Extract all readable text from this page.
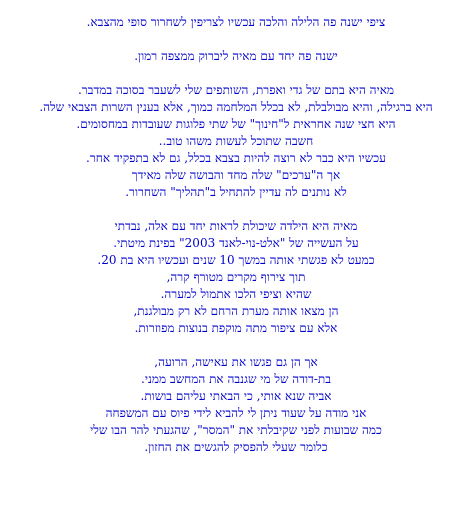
ציפי ישנה פה הלילה והלכה עכשיו לצריפין לשחרור סופי מהצבא.

ישנה פה יחד עם מאיה ליברוק ממצפה רמון.

מאיה היא בתם של גדי ואפרת, השותפים שלי לשעבר בסוכה במדבר.
היא ברגילה, והיא מבולבלת, לא בכלל המלחמה כמוך, אלא בענין השרות הצבאי שלה.
היא חצי שנה אחראית ל"חינוך" של שתי פלוגות שעובדות במחסומים.
חשבה שתוכל לעשות משהו טוב..
עכשיו היא כבר לא רוצה להיות בצבא בכלל, גם לא בתפקיד אחר.
אך ה"ערכים" שלה מחד והבושה שלה מאידך
לא נותנים לה עדיין להתחיל ב"תהליך" השחרור.

מאיה היא הילדה שיכולת לראות יחד עם אלה, נבדתי
על העשייה של "אלט-נוי-לאנד 2003" בפינת מיטתי.
כמעט לא פגשתי אותה במשך 10 שנים ועכשיו היא בת 20.
תוך צירוף מקרים מטורף קרה,
שהיא וציפי הלכו אתמול למערה.
הן מצאו אותה מערת הרחם לא רק מבולגנת,
אלא עם ציפור מתה מוקפת בנוצות מפוזרות.

אך הן גם פגשו את עאישה, הרועה,
בת-דודה של מי שגנבה את המחשב ממני.
אביה שנא אותי, כי הבאתי עליהם בושות.
אני מודה על שעוד ניתן לי להביא לידי פיוס עם המשפחה
כמה שבועות לפני שקיבלתי את "המסר", שהגעתי להר הבו שלי
כלומר שעלי להפסיק להגשים את החזון.
